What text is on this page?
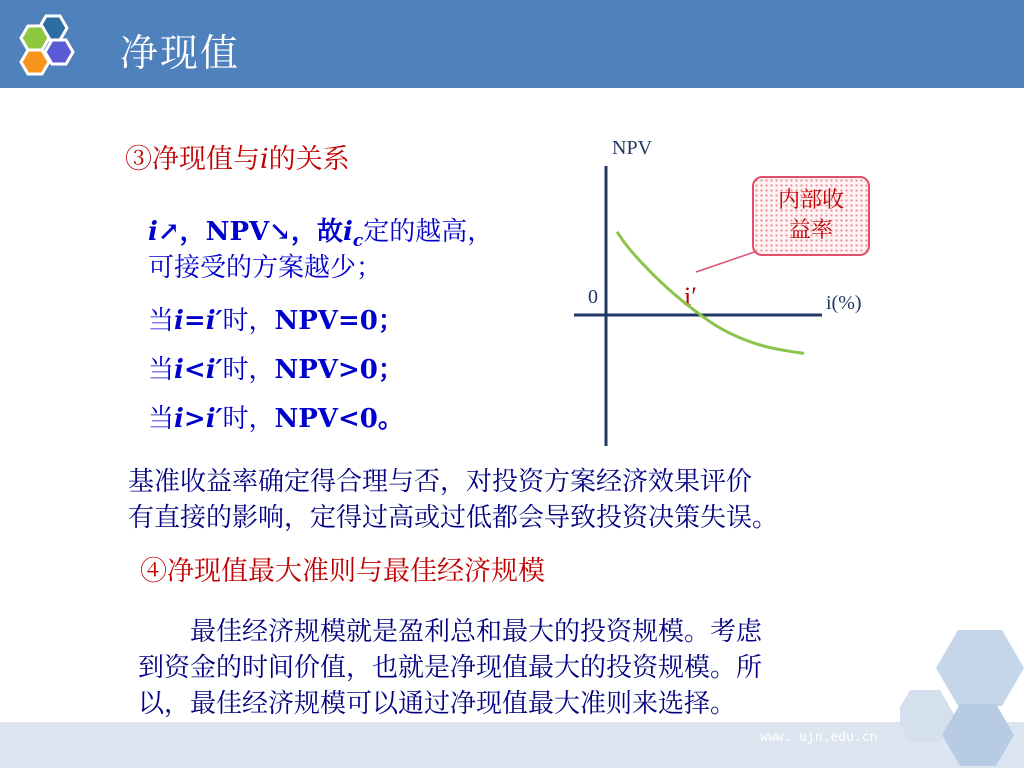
净现值
③净现值与i的关系
i↗，NPV↘，故$i_c$定的越高，
可接受的方案越少；
当i=i′时，NPV=0；
当i<i′时，NPV>0；
当i>i′时，NPV<0。
NPV
i(%)
0	i′
内部收
益率
基准收益率确定得合理与否，对投资方案经济效果评价
有直接的影响，定得过高或过低都会导致投资决策失误。
④净现值最大准则与最佳经济规模
　　最佳经济规模就是盈利总和最大的投资规模。考虑
到资金的时间价值，也就是净现值最大的投资规模。所
以，最佳经济规模可以通过净现值最大准则来选择。
www. ujn.edu.cn
